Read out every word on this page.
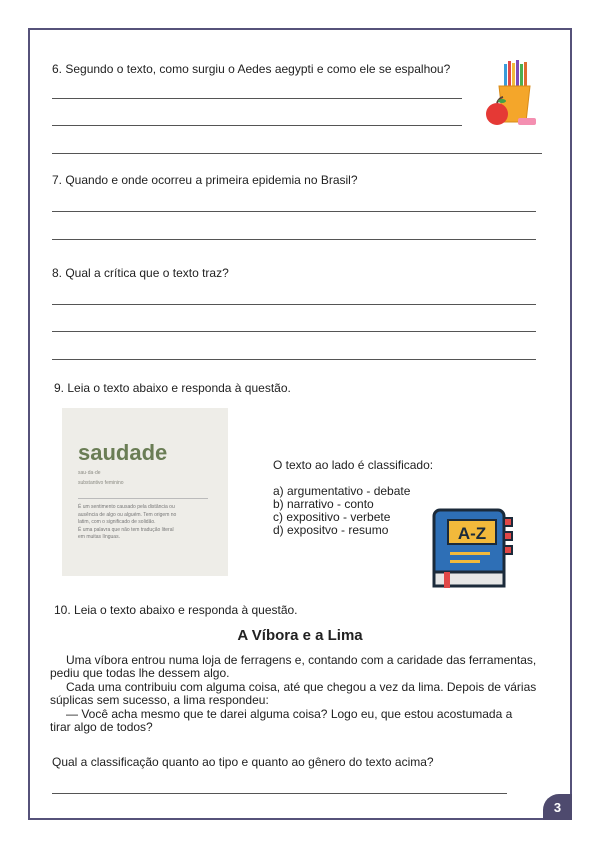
6. Segundo o texto, como surgiu o Aedes aegypti e como ele se espalhou?
7. Quando e onde ocorreu a primeira epidemia no Brasil?
8. Qual a crítica que o texto traz?
9. Leia o texto abaixo e responda à questão.
saudade
sau·da·de
substantivo feminino
É um sentimento causado pela distância ou
ausência de algo ou alguém. Tem origem no
latim, com o significado de solidão.
É uma palavra que não tem tradução literal
em muitas línguas.
O texto ao lado é classificado:
a) argumentativo - debate
b) narrativo - conto
c) expositivo - verbete
d) expositvo - resumo	A-Z
10. Leia o texto abaixo e responda à questão.
A Víbora e a Lima
Uma víbora entrou numa loja de ferragens e, contando com a caridade das ferramentas,
pediu que todas lhe dessem algo.
Cada uma contribuiu com alguma coisa, até que chegou a vez da lima. Depois de várias
súplicas sem sucesso, a lima respondeu:
— Você acha mesmo que te darei alguma coisa? Logo eu, que estou acostumada a
tirar algo de todos?
Qual a classificação quanto ao tipo e quanto ao gênero do texto acima?
3
